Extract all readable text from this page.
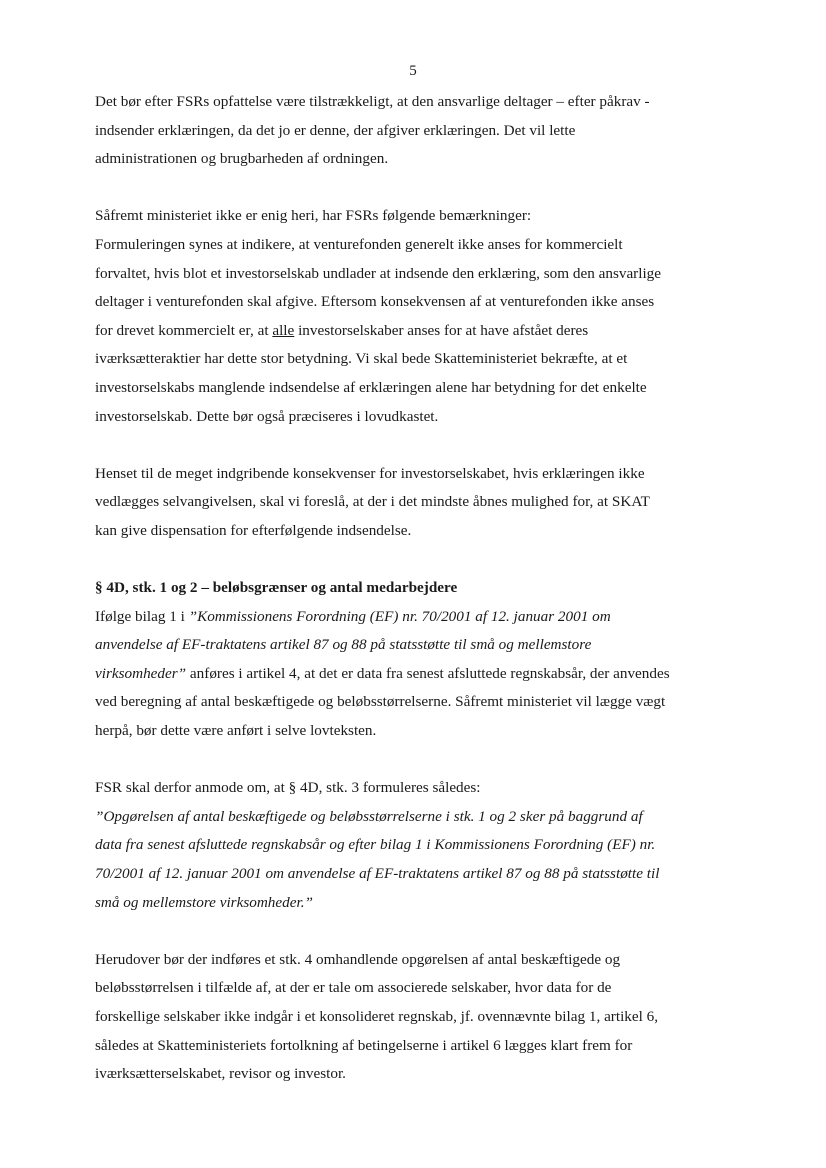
5
Det bør efter FSRs opfattelse være tilstrækkeligt, at den ansvarlige deltager – efter påkrav -
indsender erklæringen, da det jo er denne, der afgiver erklæringen. Det vil lette
administrationen og brugbarheden af ordningen.
Såfremt ministeriet ikke er enig heri, har FSRs følgende bemærkninger:
Formuleringen synes at indikere, at venturefonden generelt ikke anses for kommercielt
forvaltet, hvis blot et investorselskab undlader at indsende den erklæring, som den ansvarlige
deltager i venturefonden skal afgive. Eftersom konsekvensen af at venturefonden ikke anses
for drevet kommercielt er, at alle investorselskaber anses for at have afstået deres
iværksætteraktier har dette stor betydning. Vi skal bede Skatteministeriet bekræfte, at et
investorselskabs manglende indsendelse af erklæringen alene har betydning for det enkelte
investorselskab. Dette bør også præciseres i lovudkastet.
Henset til de meget indgribende konsekvenser for investorselskabet, hvis erklæringen ikke
vedlægges selvangivelsen, skal vi foreslå, at der i det mindste åbnes mulighed for, at SKAT
kan give dispensation for efterfølgende indsendelse.
§ 4D, stk. 1 og 2 – beløbsgrænser og antal medarbejdere
Ifølge bilag 1 i ”Kommissionens Forordning (EF) nr. 70/2001 af 12. januar 2001 om
anvendelse af EF-traktatens artikel 87 og 88 på statsstøtte til små og mellemstore
virksomheder” anføres i artikel 4, at det er data fra senest afsluttede regnskabsår, der anvendes
ved beregning af antal beskæftigede og beløbsstørrelserne. Såfremt ministeriet vil lægge vægt
herpå, bør dette være anført i selve lovteksten.
FSR skal derfor anmode om, at § 4D, stk. 3 formuleres således:
”Opgørelsen af antal beskæftigede og beløbsstørrelserne i stk. 1 og 2 sker på baggrund af
data fra senest afsluttede regnskabsår og efter bilag 1 i Kommissionens Forordning (EF) nr.
70/2001 af 12. januar 2001 om anvendelse af EF-traktatens artikel 87 og 88 på statsstøtte til
små og mellemstore virksomheder.”
Herudover bør der indføres et stk. 4 omhandlende opgørelsen af antal beskæftigede og
beløbsstørrelsen i tilfælde af, at der er tale om associerede selskaber, hvor data for de
forskellige selskaber ikke indgår i et konsolideret regnskab, jf. ovennævnte bilag 1, artikel 6,
således at Skatteministeriets fortolkning af betingelserne i artikel 6 lægges klart frem for
iværksætterselskabet, revisor og investor.
